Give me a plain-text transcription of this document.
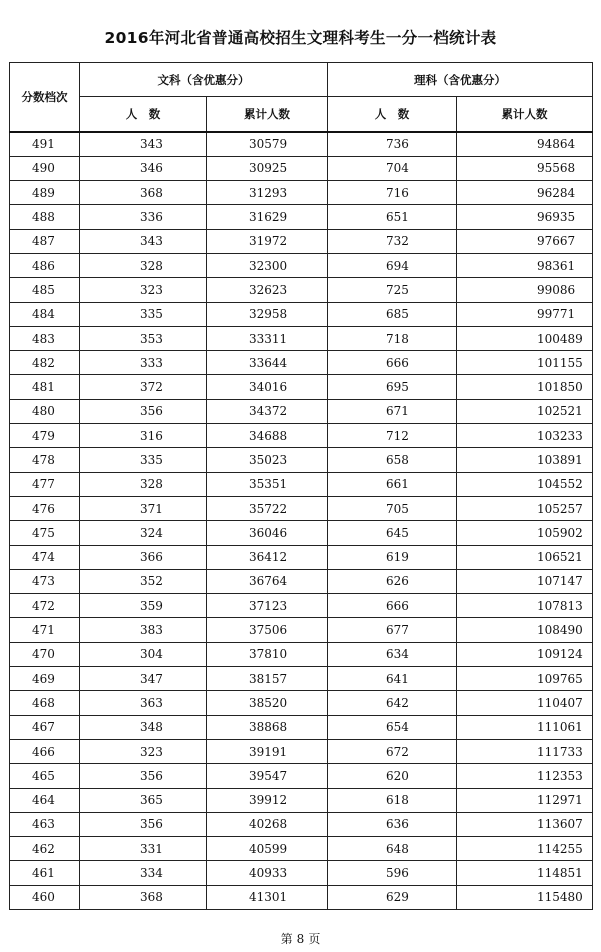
2016年河北省普通高校招生文理科考生一分一档统计表
分数档次	文科（含优惠分）		理科（含优惠分）	
	人　数	累计人数	人　数	累计人数
491	343	30579	736	94864
490	346	30925	704	95568
489	368	31293	716	96284
488	336	31629	651	96935
487	343	31972	732	97667
486	328	32300	694	98361
485	323	32623	725	99086
484	335	32958	685	99771
483	353	33311	718	100489
482	333	33644	666	101155
481	372	34016	695	101850
480	356	34372	671	102521
479	316	34688	712	103233
478	335	35023	658	103891
477	328	35351	661	104552
476	371	35722	705	105257
475	324	36046	645	105902
474	366	36412	619	106521
473	352	36764	626	107147
472	359	37123	666	107813
471	383	37506	677	108490
470	304	37810	634	109124
469	347	38157	641	109765
468	363	38520	642	110407
467	348	38868	654	111061
466	323	39191	672	111733
465	356	39547	620	112353
464	365	39912	618	112971
463	356	40268	636	113607
462	331	40599	648	114255
461	334	40933	596	114851
460	368	41301	629	115480
第 8 页
